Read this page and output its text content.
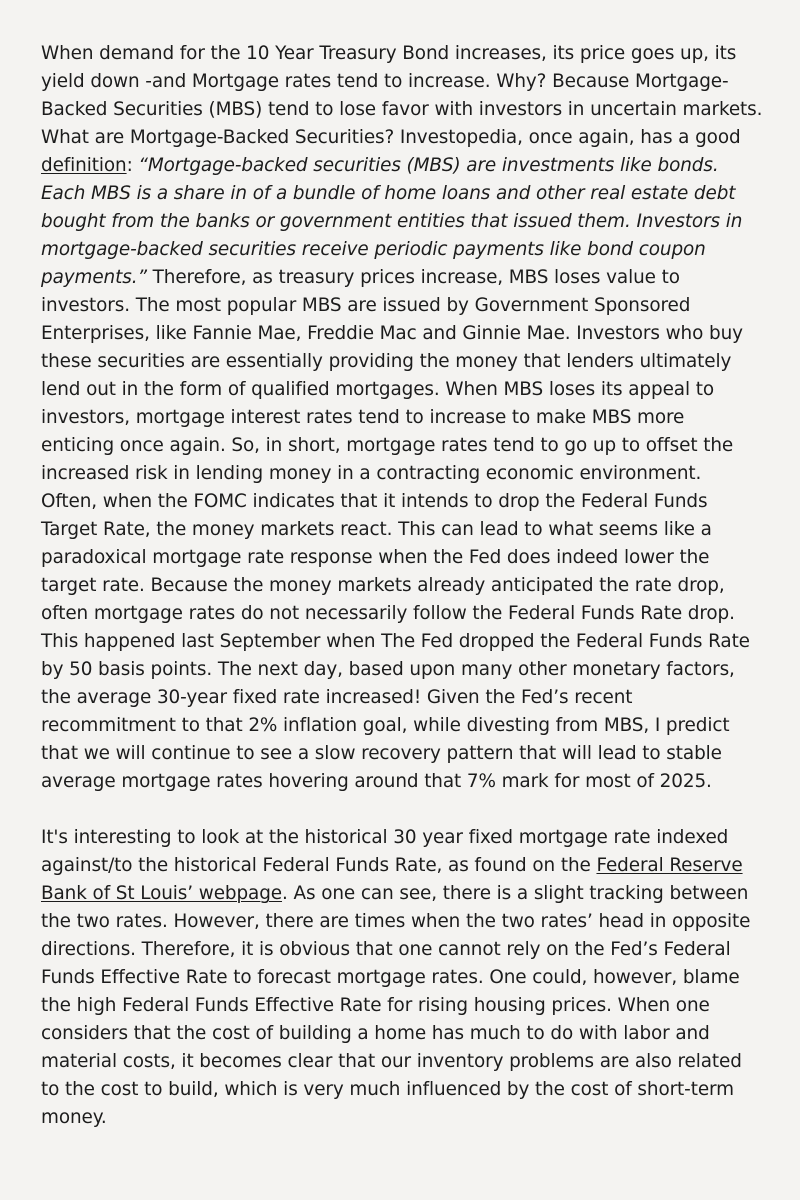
When demand for the 10 Year Treasury Bond increases, its price goes up, its yield down -and Mortgage rates tend to increase. Why? Because Mortgage-Backed Securities (MBS) tend to lose favor with investors in uncertain markets. What are Mortgage-Backed Securities? Investopedia, once again, has a good definition: “Mortgage-backed securities (MBS) are investments like bonds. Each MBS is a share in of a bundle of home loans and other real estate debt bought from the banks or government entities that issued them. Investors in mortgage-backed securities receive periodic payments like bond coupon payments.” Therefore, as treasury prices increase, MBS loses value to investors. The most popular MBS are issued by Government Sponsored Enterprises, like Fannie Mae, Freddie Mac and Ginnie Mae. Investors who buy these securities are essentially providing the money that lenders ultimately lend out in the form of qualified mortgages. When MBS loses its appeal to investors, mortgage interest rates tend to increase to make MBS more enticing once again. So, in short, mortgage rates tend to go up to offset the increased risk in lending money in a contracting economic environment. Often, when the FOMC indicates that it intends to drop the Federal Funds Target Rate, the money markets react. This can lead to what seems like a paradoxical mortgage rate response when the Fed does indeed lower the target rate. Because the money markets already anticipated the rate drop, often mortgage rates do not necessarily follow the Federal Funds Rate drop. This happened last September when The Fed dropped the Federal Funds Rate by 50 basis points. The next day, based upon many other monetary factors, the average 30-year fixed rate increased! Given the Fed’s recent recommitment to that 2% inflation goal, while divesting from MBS, I predict that we will continue to see a slow recovery pattern that will lead to stable average mortgage rates hovering around that 7% mark for most of 2025.

It's interesting to look at the historical 30 year fixed mortgage rate indexed against/to the historical Federal Funds Rate, as found on the Federal Reserve Bank of St Louis’ webpage. As one can see, there is a slight tracking between the two rates. However, there are times when the two rates’ head in opposite directions. Therefore, it is obvious that one cannot rely on the Fed’s Federal Funds Effective Rate to forecast mortgage rates. One could, however, blame the high Federal Funds Effective Rate for rising housing prices. When one considers that the cost of building a home has much to do with labor and material costs, it becomes clear that our inventory problems are also related to the cost to build, which is very much influenced by the cost of short-term money.
